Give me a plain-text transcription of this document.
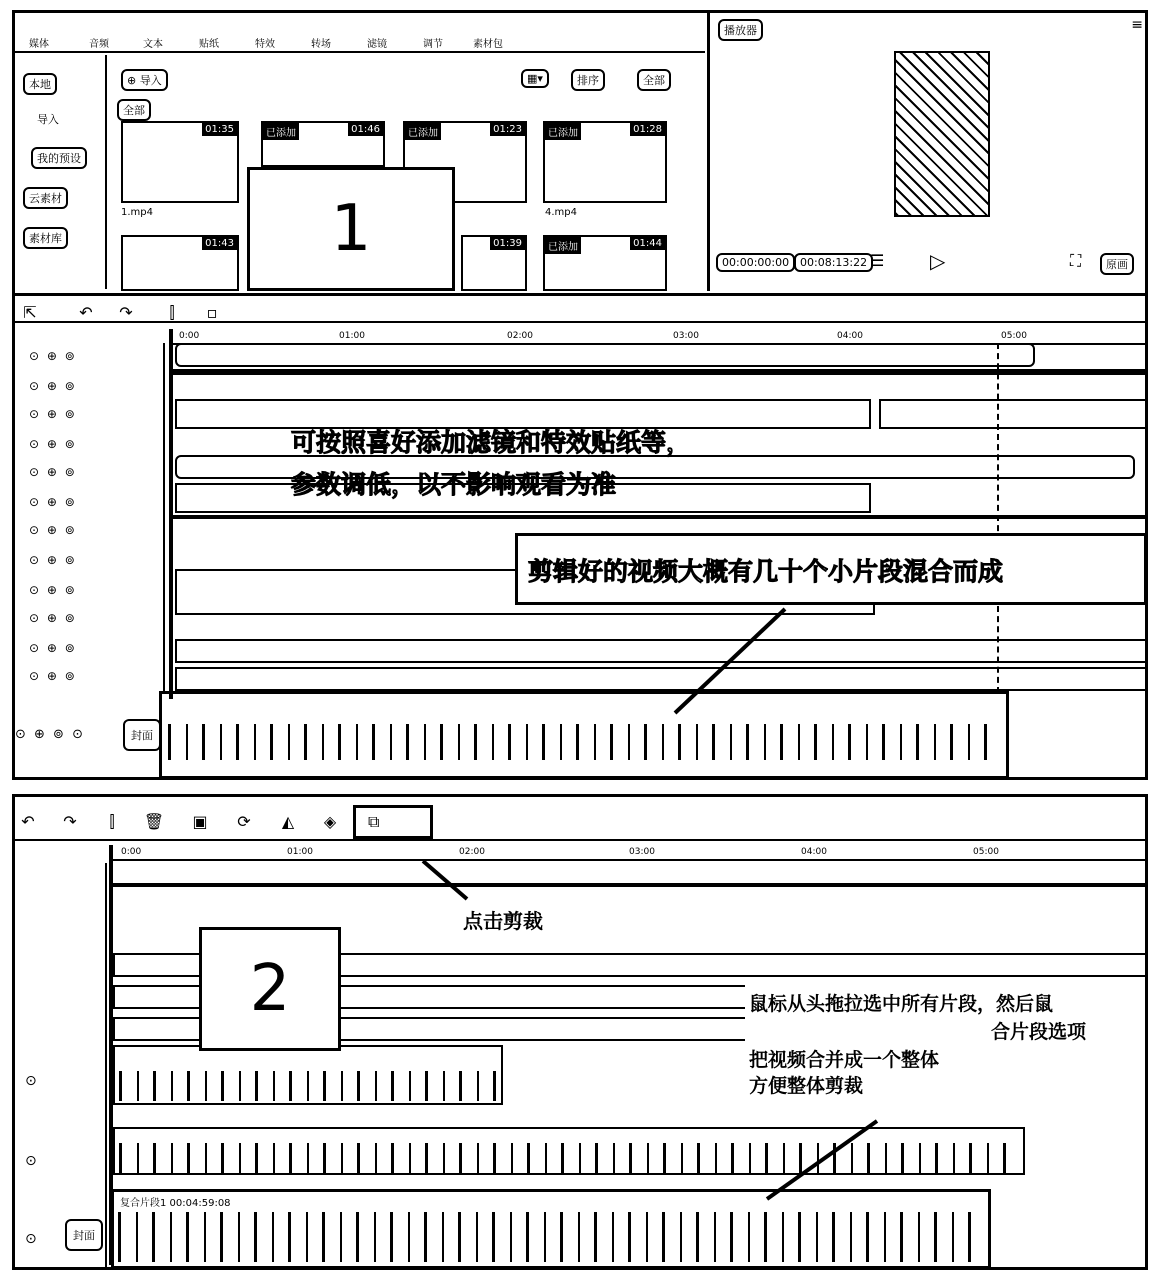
媒体	音频	文本	贴纸	特效	转场	滤镜	调节	素材包
本地
导入
我的预设
云素材
素材库
⊕ 导入
全部
▦▾	排序	全部
01:35
1.mp4
已添加	01:46	已添加	01:23	已添加	01:28
4.mp4
01:43	01:39	已添加	01:44
1
播放器	≡
00:00:00:00 00:08:13:22 ☰ ▷	⛶	原画
⇱	↶ ↷	⫿	▫
0:00	01:00	02:00	03:00	04:00	05:00
⊙ ⊕ ⊚
⊙ ⊕ ⊚
⊙ ⊕ ⊚
⊙ ⊕ ⊚
⊙ ⊕ ⊚
⊙ ⊕ ⊚
⊙ ⊕ ⊚
⊙ ⊕ ⊚
⊙ ⊕ ⊚
⊙ ⊕ ⊚
⊙ ⊕ ⊚
⊙ ⊕ ⊚
可按照喜好添加滤镜和特效贴纸等，
参数调低，以不影响观看为准
剪辑好的视频大概有几十个小片段混合而成
⊙ ⊕ ⊚ ⊙	封面
↶ ↷	⫿	🗑 ▣ ⟳	◭	◈	⧉
0:00	01:00	02:00	03:00	04:00	05:00
⊙
⊙
⊙	封面
复合片段1 00:04:59:08
点击剪裁
2	鼠标从头拖拉选中所有片段，然后鼠
合片段选项
把视频合并成一个整体
方便整体剪裁
